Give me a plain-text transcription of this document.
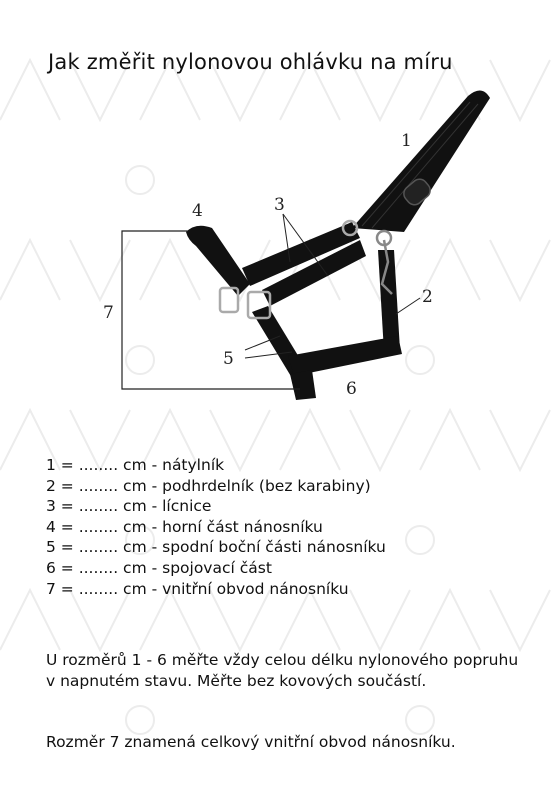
Jak změřit nylonovou ohlávku na míru
1
2
3
4
5
6
7
1 = ........ cm - nátylník
2 = ........ cm - podhrdelník (bez karabiny)
3 = ........ cm - lícnice
4 = ........ cm - horní část nánosníku
5 = ........ cm - spodní boční části nánosníku
6 = ........ cm - spojovací část
7 = ........ cm - vnitřní obvod nánosníku

U rozměrů 1 - 6 měřte vždy celou délku nylonového popruhu v napnutém stavu. Měřte bez kovových součástí.

Rozměr 7 znamená celkový vnitřní obvod nánosníku.
